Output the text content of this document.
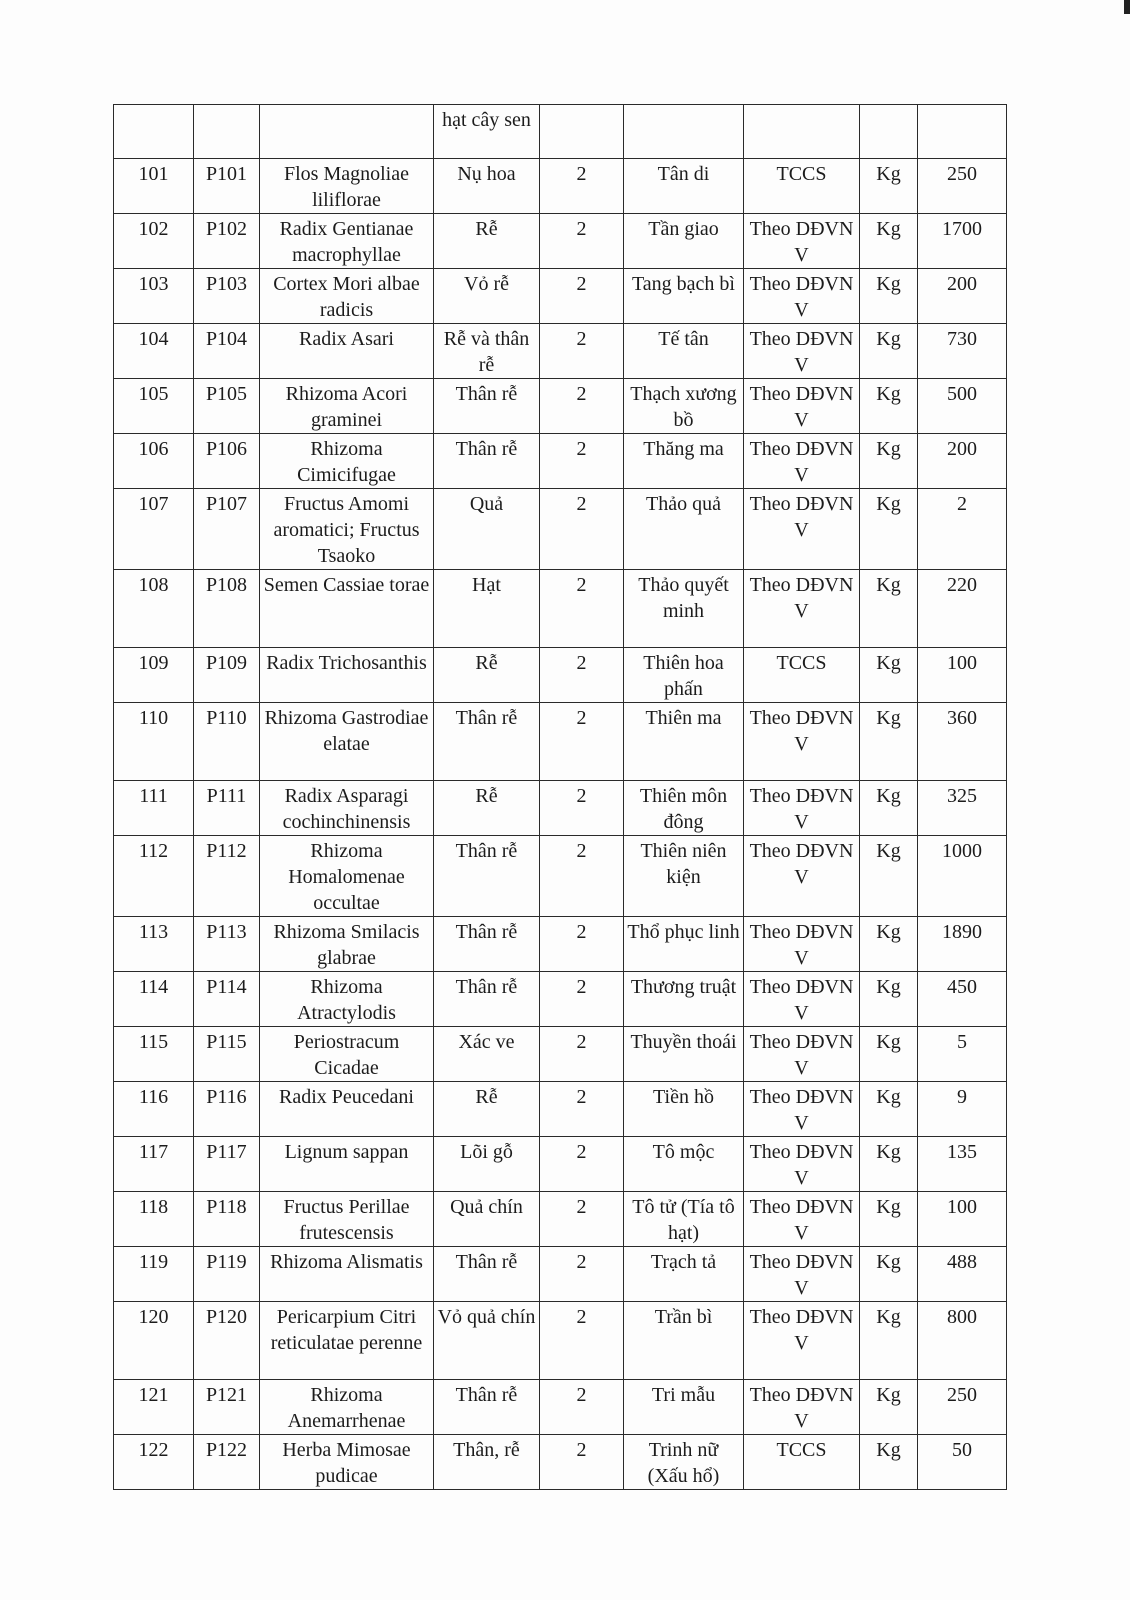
			hạt cây sen					
101	P101	Flos Magnoliae liliflorae	Nụ hoa	2	Tân di	TCCS	Kg	250
102	P102	Radix Gentianae macrophyllae	Rễ	2	Tần giao	Theo DĐVN V	Kg	1700
103	P103	Cortex Mori albae radicis	Vỏ rễ	2	Tang bạch bì	Theo DĐVN V	Kg	200
104	P104	Radix Asari	Rễ và thân rễ	2	Tế tân	Theo DĐVN V	Kg	730
105	P105	Rhizoma Acori graminei	Thân rễ	2	Thạch xương bồ	Theo DĐVN V	Kg	500
106	P106	Rhizoma Cimicifugae	Thân rễ	2	Thăng ma	Theo DĐVN V	Kg	200
107	P107	Fructus Amomi aromatici; Fructus Tsaoko	Quả	2	Thảo quả	Theo DĐVN V	Kg	2
108	P108	Semen Cassiae torae	Hạt	2	Thảo quyết minh	Theo DĐVN V	Kg	220
109	P109	Radix Trichosanthis	Rễ	2	Thiên hoa phấn	TCCS	Kg	100
110	P110	Rhizoma Gastrodiae elatae	Thân rễ	2	Thiên ma	Theo DĐVN V	Kg	360
111	P111	Radix Asparagi cochinchinensis	Rễ	2	Thiên môn đông	Theo DĐVN V	Kg	325
112	P112	Rhizoma Homalomenae occultae	Thân rễ	2	Thiên niên kiện	Theo DĐVN V	Kg	1000
113	P113	Rhizoma Smilacis glabrae	Thân rễ	2	Thổ phục linh	Theo DĐVN V	Kg	1890
114	P114	Rhizoma Atractylodis	Thân rễ	2	Thương truật	Theo DĐVN V	Kg	450
115	P115	Periostracum Cicadae	Xác ve	2	Thuyền thoái	Theo DĐVN V	Kg	5
116	P116	Radix Peucedani	Rễ	2	Tiền hồ	Theo DĐVN V	Kg	9
117	P117	Lignum sappan	Lõi gỗ	2	Tô mộc	Theo DĐVN V	Kg	135
118	P118	Fructus Perillae frutescensis	Quả chín	2	Tô tử (Tía tô hạt)	Theo DĐVN V	Kg	100
119	P119	Rhizoma Alismatis	Thân rễ	2	Trạch tả	Theo DĐVN V	Kg	488
120	P120	Pericarpium Citri reticulatae perenne	Vỏ quả chín	2	Trần bì	Theo DĐVN V	Kg	800
121	P121	Rhizoma Anemarrhenae	Thân rễ	2	Tri mẫu	Theo DĐVN V	Kg	250
122	P122	Herba Mimosae pudicae	Thân, rễ	2	Trinh nữ (Xấu hổ)	TCCS	Kg	50
